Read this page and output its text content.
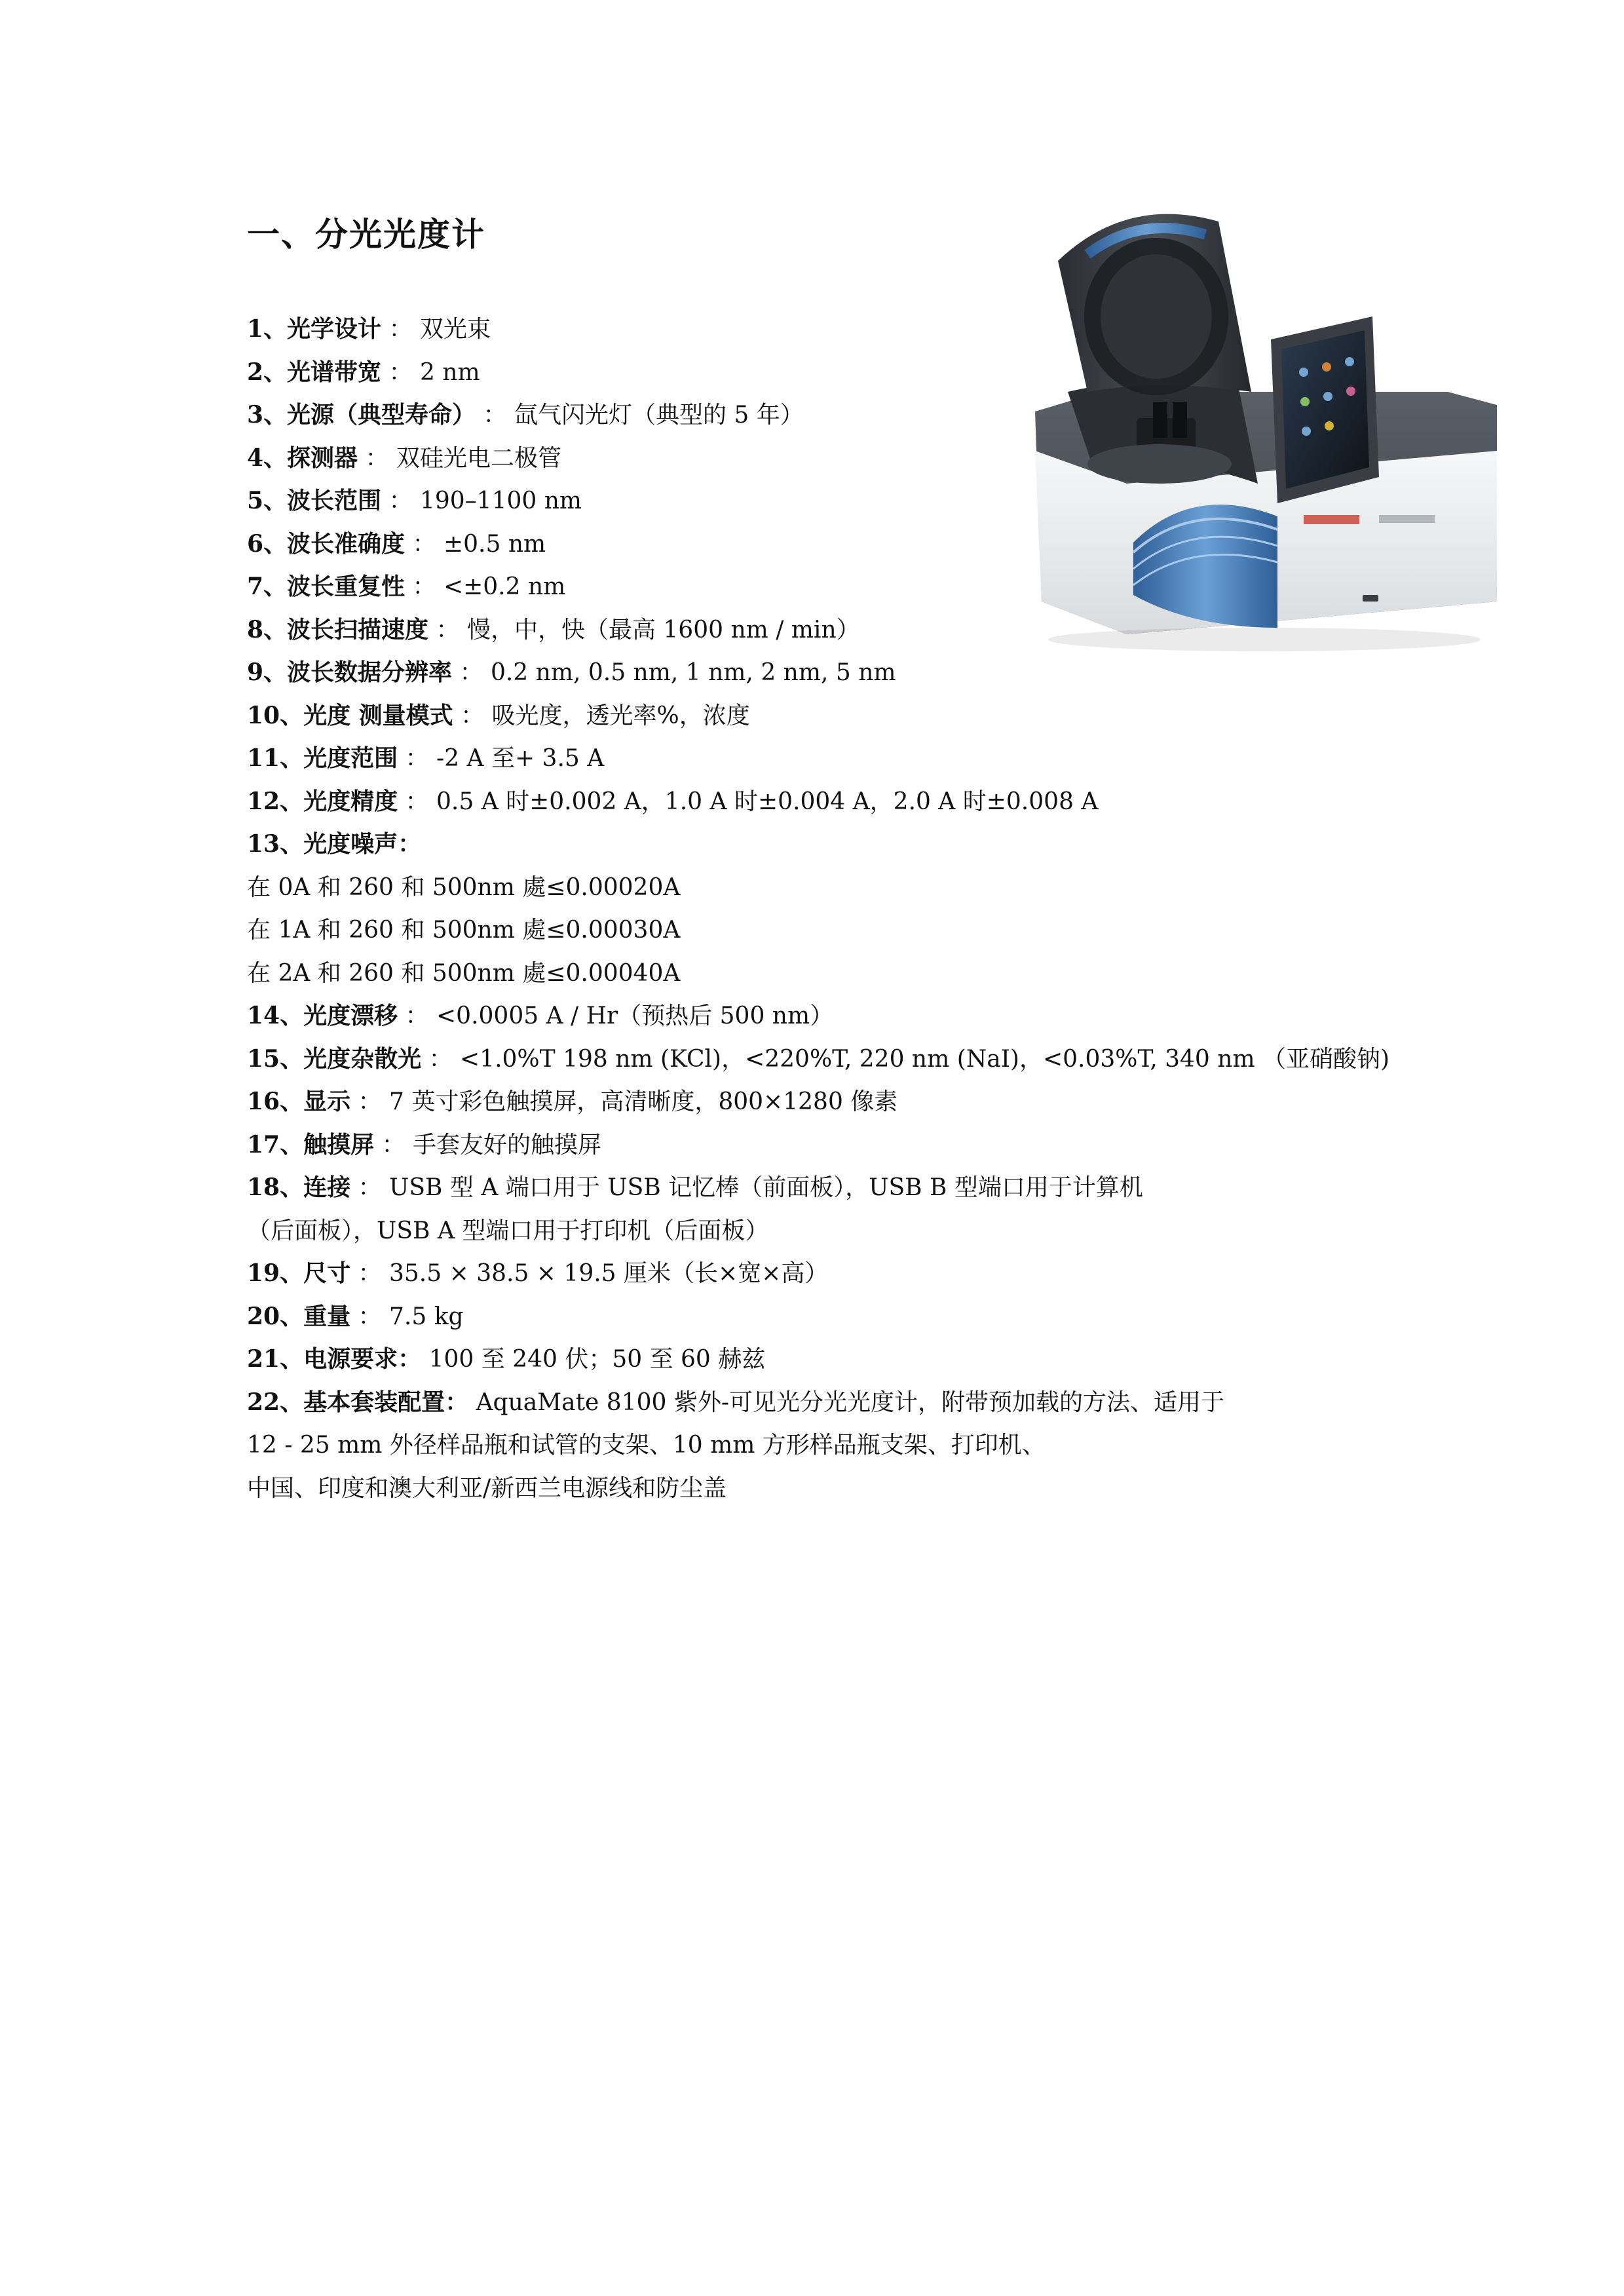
一、分光光度计
1、光学设计 ： 双光束
2、光谱带宽 ： 2 nm
3、光源（典型寿命） ： 氙气闪光灯（典型的 5 年）
4、探测器 ： 双硅光电二极管
5、波长范围 ： 190–1100 nm
6、波长准确度 ： ±0.5 nm
7、波长重复性 ： <±0.2 nm
8、波长扫描速度 ： 慢，中，快（最高 1600 nm / min）
9、波长数据分辨率 ： 0.2 nm, 0.5 nm, 1 nm, 2 nm, 5 nm
10、光度 测量模式 ： 吸光度，透光率%，浓度
11、光度范围 ： -2 A 至+ 3.5 A
12、光度精度 ： 0.5 A 时±0.002 A，1.0 A 时±0.004 A，2.0 A 时±0.008 A
13、光度噪声：
在 0A 和 260 和 500nm 處≤0.00020A
在 1A 和 260 和 500nm 處≤0.00030A
在 2A 和 260 和 500nm 處≤0.00040A
14、光度漂移 ： <0.0005 A / Hr（预热后 500 nm）
15、光度杂散光 ： <1.0%T 198 nm (KCl)，<220%T, 220 nm (NaI)，<0.03%T, 340 nm （亚硝酸钠)
16、显示 ： 7 英寸彩色触摸屏，高清晰度，800×1280 像素
17、触摸屏 ： 手套友好的触摸屏
18、连接 ： USB 型 A 端口用于 USB 记忆棒（前面板），USB B 型端口用于计算机
（后面板），USB A 型端口用于打印机（后面板）
19、尺寸 ： 35.5 × 38.5 × 19.5 厘米（长×宽×高）
20、重量 ： 7.5 kg
21、电源要求： 100 至 240 伏；50 至 60 赫兹
22、基本套装配置： AquaMate 8100 紫外-可见光分光光度计，附带预加载的方法、适用于
12 - 25 mm 外径样品瓶和试管的支架、10 mm 方形样品瓶支架、打印机、
中国、印度和澳大利亚/新西兰电源线和防尘盖
